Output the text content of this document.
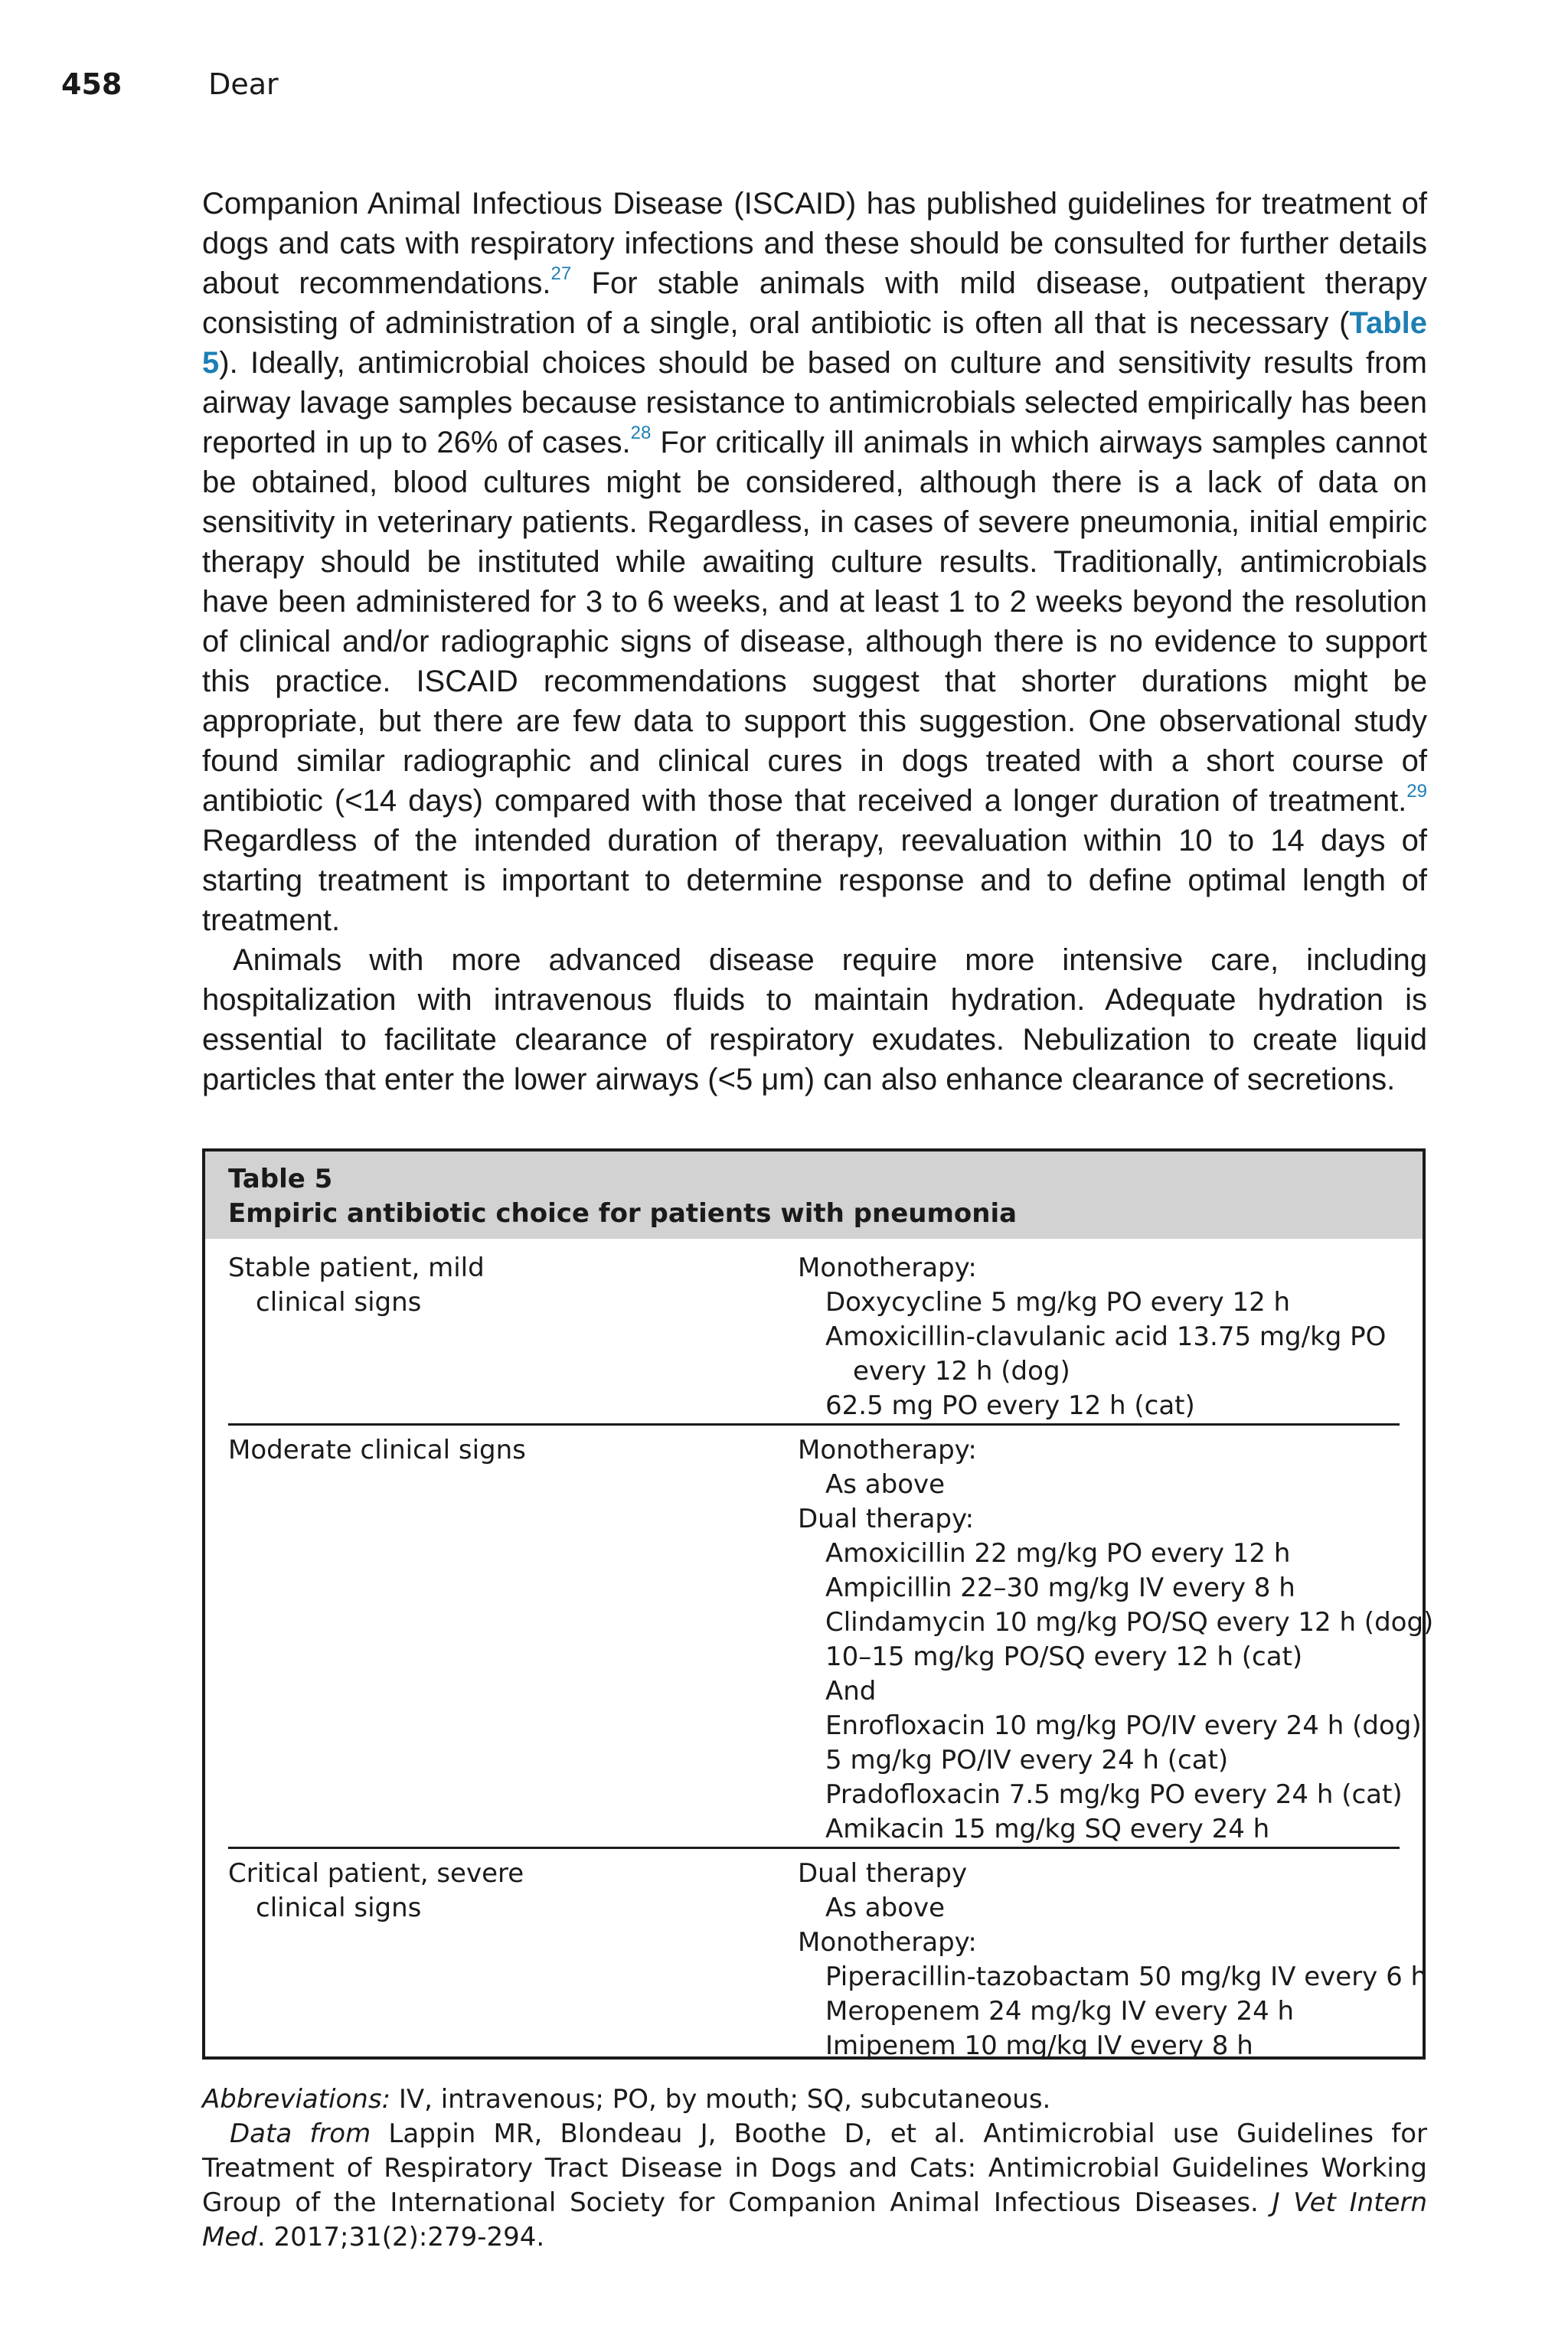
458	Dear

Companion Animal Infectious Disease (ISCAID) has published guidelines for treatment of dogs and cats with respiratory infections and these should be consulted for further details about recommendations.$^{27}$ For stable animals with mild disease, outpatient therapy consisting of administration of a single, oral antibiotic is often all that is necessary (Table 5). Ideally, antimicrobial choices should be based on culture and sensitivity results from airway lavage samples because resistance to antimicrobials selected empirically has been reported in up to 26% of cases.$^{28}$ For critically ill animals in which airways samples cannot be obtained, blood cultures might be considered, although there is a lack of data on sensitivity in veterinary patients. Regardless, in cases of severe pneumonia, initial empiric therapy should be instituted while awaiting culture results. Traditionally, antimicrobials have been administered for 3 to 6 weeks, and at least 1 to 2 weeks beyond the resolution of clinical and/or radiographic signs of disease, although there is no evidence to support this practice. ISCAID recommendations suggest that shorter durations might be appropriate, but there are few data to support this suggestion. One observational study found similar radiographic and clinical cures in dogs treated with a short course of antibiotic (<14 days) compared with those that received a longer duration of treatment.$^{29}$ Regardless of the intended duration of therapy, reevaluation within 10 to 14 days of starting treatment is important to determine response and to define optimal length of treatment.

Animals with more advanced disease require more intensive care, including hospitalization with intravenous fluids to maintain hydration. Adequate hydration is essential to facilitate clearance of respiratory exudates. Nebulization to create liquid particles that enter the lower airways (<5 μm) can also enhance clearance of secretions.

Table 5
Empiric antibiotic choice for patients with pneumonia
Stable patient, mild
clinical signs
Monotherapy:
Doxycycline 5 mg/kg PO every 12 h
Amoxicillin-clavulanic acid 13.75 mg/kg PO
every 12 h (dog)
62.5 mg PO every 12 h (cat)
Moderate clinical signs	Monotherapy:
As above
Dual therapy:
Amoxicillin 22 mg/kg PO every 12 h
Ampicillin 22–30 mg/kg IV every 8 h
Clindamycin 10 mg/kg PO/SQ every 12 h (dog)
10–15 mg/kg PO/SQ every 12 h (cat)
And
Enrofloxacin 10 mg/kg PO/IV every 24 h (dog)
5 mg/kg PO/IV every 24 h (cat)
Pradofloxacin 7.5 mg/kg PO every 24 h (cat)
Amikacin 15 mg/kg SQ every 24 h
Critical patient, severe
clinical signs
Dual therapy
As above
Monotherapy:
Piperacillin-tazobactam 50 mg/kg IV every 6 h
Meropenem 24 mg/kg IV every 24 h
Imipenem 10 mg/kg IV every 8 h

Abbreviations: IV, intravenous; PO, by mouth; SQ, subcutaneous.

Data from Lappin MR, Blondeau J, Boothe D, et al. Antimicrobial use Guidelines for Treatment of Respiratory Tract Disease in Dogs and Cats: Antimicrobial Guidelines Working Group of the International Society for Companion Animal Infectious Diseases. J Vet Intern Med. 2017;31(2):279-294.
